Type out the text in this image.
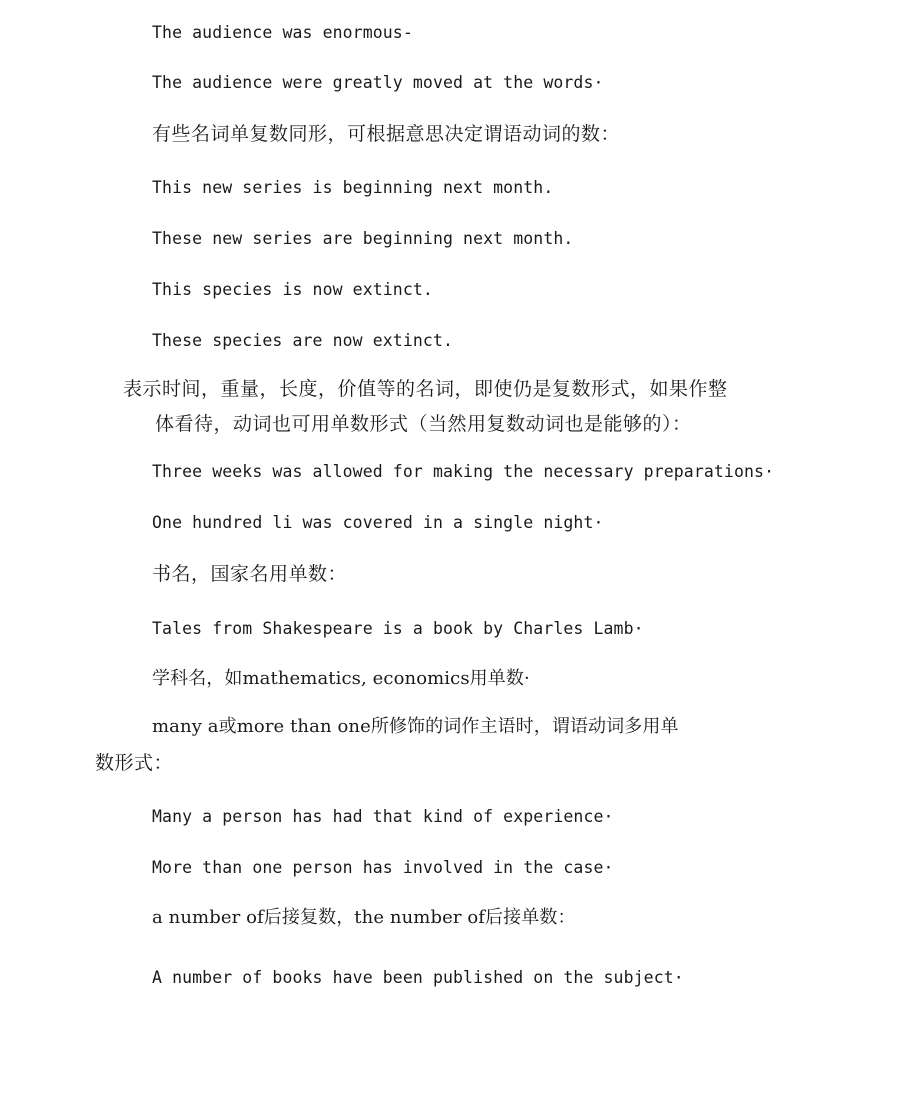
The audience was enormous-
The audience were greatly moved at the words·
有些名词单复数同形，可根据意思决定谓语动词的数：
This new series is beginning next month.
These new series are beginning next month.
This species is now extinct.
These species are now extinct.
表示时间，重量，长度，价值等的名词，即使仍是复数形式，如果作整
体看待，动词也可用单数形式（当然用复数动词也是能够的）：
Three weeks was allowed for making the necessary preparations·
One hundred li was covered in a single night·
书名，国家名用单数：
Tales from Shakespeare is a book by Charles Lamb·
学科名，如mathematics, economics用单数·
many a或more than one所修饰的词作主语时，谓语动词多用单
数形式：
Many a person has had that kind of experience·
More than one person has involved in the case·
a number of后接复数，the number of后接单数：
A number of books have been published on the subject·
